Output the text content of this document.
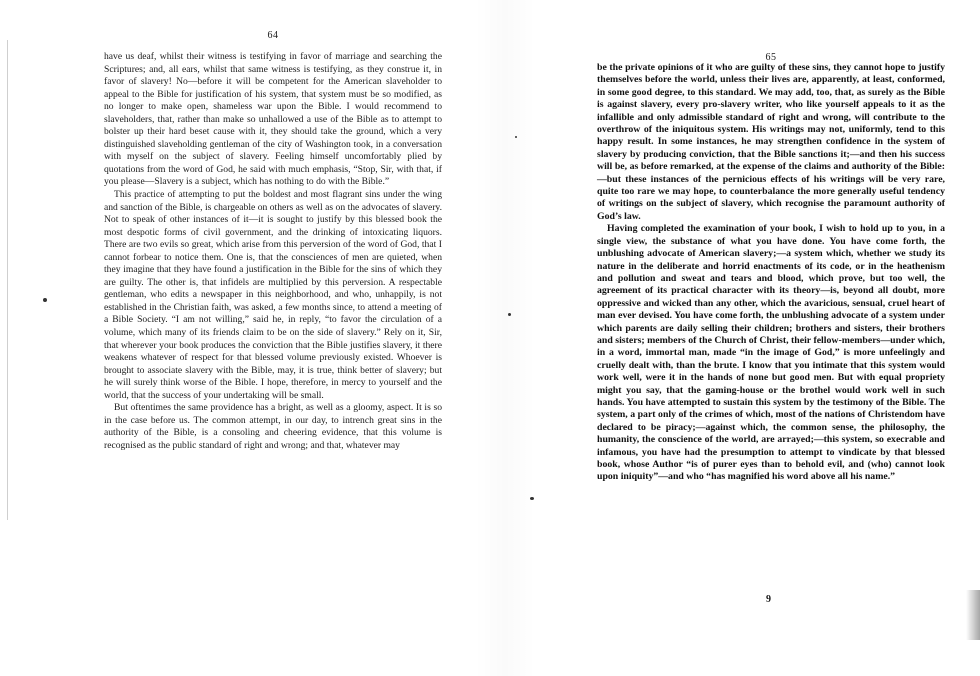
64

have us deaf, whilst their witness is testifying in favor of marriage and searching the Scriptures; and, all ears, whilst that same witness is testifying, as they construe it, in favor of slavery! No—before it will be competent for the American slaveholder to appeal to the Bible for justification of his system, that system must be so modified, as no longer to make open, shameless war upon the Bible. I would recommend to slaveholders, that, rather than make so unhallowed a use of the Bible as to attempt to bolster up their hard beset cause with it, they should take the ground, which a very distinguished slaveholding gentleman of the city of Washington took, in a conversation with myself on the subject of slavery. Feeling himself uncomfortably plied by quotations from the word of God, he said with much emphasis, “Stop, Sir, with that, if you please—Slavery is a subject, which has nothing to do with the Bible.”

This practice of attempting to put the boldest and most flagrant sins under the wing and sanction of the Bible, is chargeable on others as well as on the advocates of slavery. Not to speak of other instances of it—it is sought to justify by this blessed book the most despotic forms of civil government, and the drinking of intoxicating liquors. There are two evils so great, which arise from this perversion of the word of God, that I cannot forbear to notice them. One is, that the consciences of men are quieted, when they imagine that they have found a justification in the Bible for the sins of which they are guilty. The other is, that infidels are multiplied by this perversion. A respectable gentleman, who edits a newspaper in this neighborhood, and who, unhappily, is not established in the Christian faith, was asked, a few months since, to attend a meeting of a Bible Society. “I am not willing,” said he, in reply, “to favor the circulation of a volume, which many of its friends claim to be on the side of slavery.” Rely on it, Sir, that wherever your book produces the conviction that the Bible justifies slavery, it there weakens whatever of respect for that blessed volume previously existed. Whoever is brought to associate slavery with the Bible, may, it is true, think better of slavery; but he will surely think worse of the Bible. I hope, therefore, in mercy to yourself and the world, that the success of your undertaking will be small.

But oftentimes the same providence has a bright, as well as a gloomy, aspect. It is so in the case before us. The common attempt, in our day, to intrench great sins in the authority of the Bible, is a consoling and cheering evidence, that this volume is recognised as the public standard of right and wrong; and that, whatever may

65

be the private opinions of it who are guilty of these sins, they cannot hope to justify themselves before the world, unless their lives are, apparently, at least, conformed, in some good degree, to this standard. We may add, too, that, as surely as the Bible is against slavery, every pro-slavery writer, who like yourself appeals to it as the infallible and only admissible standard of right and wrong, will contribute to the overthrow of the iniquitous system. His writings may not, uniformly, tend to this happy result. In some instances, he may strengthen confidence in the system of slavery by producing conviction, that the Bible sanctions it;—and then his success will be, as before remarked, at the expense of the claims and authority of the Bible:—but these instances of the pernicious effects of his writings will be very rare, quite too rare we may hope, to counterbalance the more generally useful tendency of writings on the subject of slavery, which recognise the paramount authority of God’s law.

Having completed the examination of your book, I wish to hold up to you, in a single view, the substance of what you have done. You have come forth, the unblushing advocate of American slavery;—a system which, whether we study its nature in the deliberate and horrid enactments of its code, or in the heathenism and pollution and sweat and tears and blood, which prove, but too well, the agreement of its practical character with its theory—is, beyond all doubt, more oppressive and wicked than any other, which the avaricious, sensual, cruel heart of man ever devised. You have come forth, the unblushing advocate of a system under which parents are daily selling their children; brothers and sisters, their brothers and sisters; members of the Church of Christ, their fellow-members—under which, in a word, immortal man, made “in the image of God,” is more unfeelingly and cruelly dealt with, than the brute. I know that you intimate that this system would work well, were it in the hands of none but good men. But with equal propriety might you say, that the gaming-house or the brothel would work well in such hands. You have attempted to sustain this system by the testimony of the Bible. The system, a part only of the crimes of which, most of the nations of Christendom have declared to be piracy;—against which, the common sense, the philosophy, the humanity, the conscience of the world, are arrayed;—this system, so execrable and infamous, you have had the presumption to attempt to vindicate by that blessed book, whose Author “is of purer eyes than to behold evil, and (who) cannot look upon iniquity”—and who “has magnified his word above all his name.”

9
